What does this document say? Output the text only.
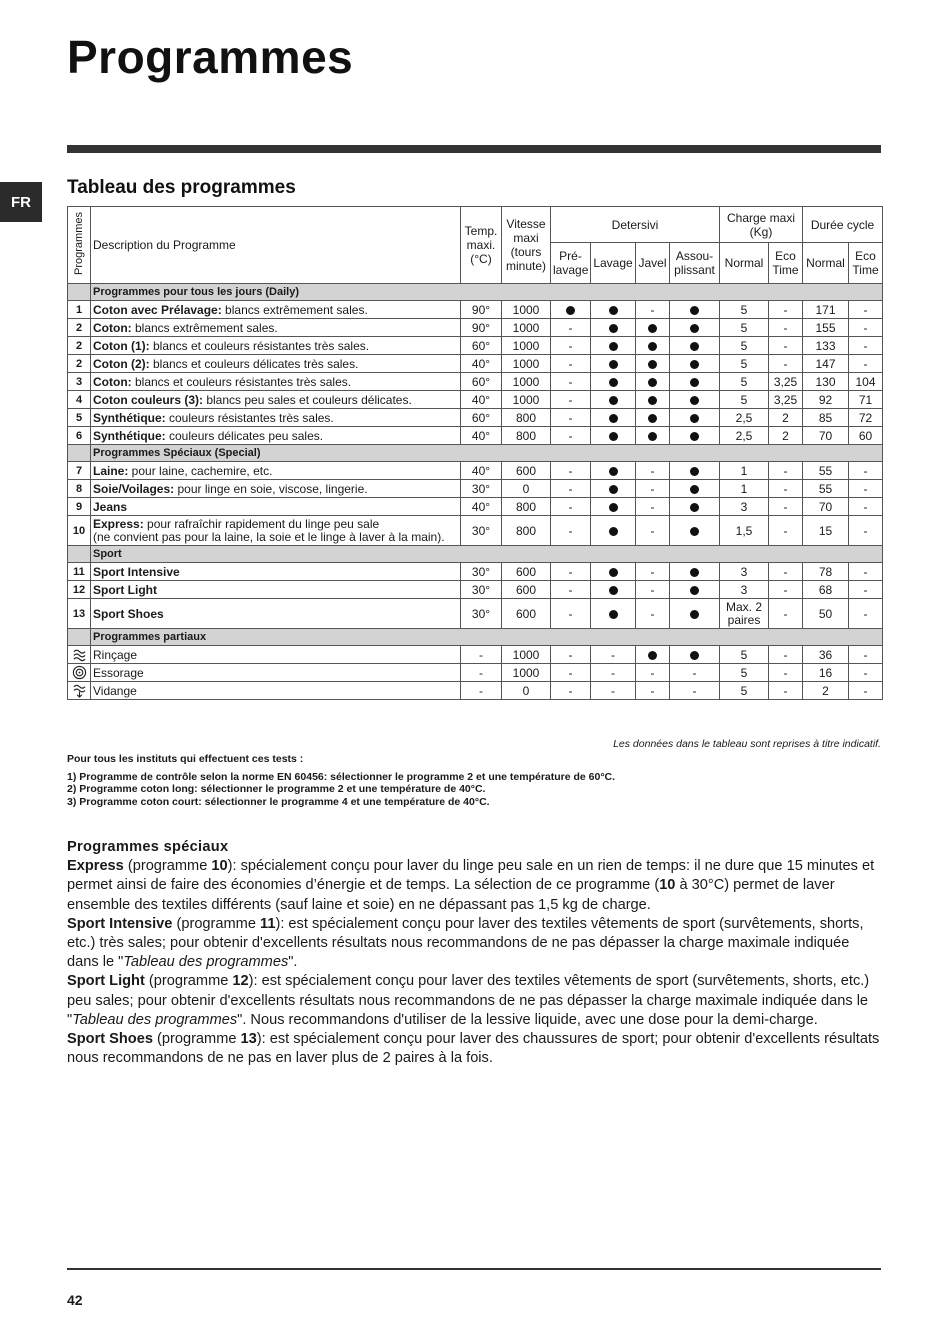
Programmes
FR
Tableau des programmes
Programmes	Description du Programme	Temp. maxi. (°C)	Vitesse maxi (tours minute)	Detersivi				Charge maxi (Kg)		Durée cycle	
				Pré-lavage	Lavage	Javel	Assou-plissant	Normal	Eco Time	Normal	Eco Time
	Programmes pour tous les jours (Daily)										
1	Coton avec Prélavage: blancs extrêmement sales.	90°	1000			-		5	-	171	-
2	Coton: blancs extrêmement sales.	90°	1000	-				5	-	155	-
2	Coton (1): blancs et couleurs résistantes très sales.	60°	1000	-				5	-	133	-
2	Coton (2): blancs et couleurs délicates très sales.	40°	1000	-				5	-	147	-
3	Coton: blancs et couleurs résistantes très sales.	60°	1000	-				5	3,25	130	104
4	Coton couleurs (3): blancs peu sales et couleurs délicates.	40°	1000	-				5	3,25	92	71
5	Synthétique: couleurs résistantes très sales.	60°	800	-				2,5	2	85	72
6	Synthétique: couleurs délicates peu sales.	40°	800	-				2,5	2	70	60
	Programmes Spéciaux (Special)										
7	Laine: pour laine, cachemire, etc.	40°	600	-		-		1	-	55	-
8	Soie/Voilages: pour linge en soie, viscose, lingerie.	30°	0	-		-		1	-	55	-
9	Jeans	40°	800	-		-		3	-	70	-
10	Express: pour rafraîchir rapidement du linge peu sale
(ne convient pas pour la laine, la soie et le linge à laver à la main).	30°	800	-		-		1,5	-	15	-
	Sport										
11	Sport Intensive	30°	600	-		-		3	-	78	-
12	Sport Light	30°	600	-		-		3	-	68	-
13	Sport Shoes	30°	600	-		-		Max. 2 paires	-	50	-
	Programmes partiaux										
	Rinçage	-	1000	-	-			5	-	36	-
	Essorage	-	1000	-	-	-	-	5	-	16	-
	Vidange	-	0	-	-	-	-	5	-	2	-

Les données dans le tableau sont reprises à titre indicatif.

Pour tous les instituts qui effectuent ces tests :
1) Programme de contrôle selon la norme EN 60456: sélectionner le programme 2 et une température de 60°C.
2) Programme coton long: sélectionner le programme 2 et une température de 40°C.
3) Programme coton court: sélectionner le programme 4 et une température de 40°C.
Programmes spéciaux

Express (programme 10): spécialement conçu pour laver du linge peu sale en un rien de temps: il ne dure que 15 minutes et permet ainsi de faire des économies d’énergie et de temps. La sélection de ce programme (10 à 30°C) permet de laver ensemble des textiles différents (sauf laine et soie) en ne dépassant pas 1,5 kg de charge.

Sport Intensive (programme 11): est spécialement conçu pour laver des textiles vêtements de sport (survêtements, shorts, etc.) très sales; pour obtenir d'excellents résultats nous recommandons de ne pas dépasser la charge maximale indiquée dans le "Tableau des programmes".

Sport Light (programme 12): est spécialement conçu pour laver des textiles vêtements de sport (survêtements, shorts, etc.) peu sales; pour obtenir d'excellents résultats nous recommandons de ne pas dépasser la charge maximale indiquée dans le "Tableau des programmes". Nous recommandons d'utiliser de la lessive liquide, avec une dose pour la demi-charge.

Sport Shoes (programme 13): est spécialement conçu pour laver des chaussures de sport; pour obtenir d'excellents résultats nous recommandons de ne pas en laver plus de 2 paires à la fois.

42
